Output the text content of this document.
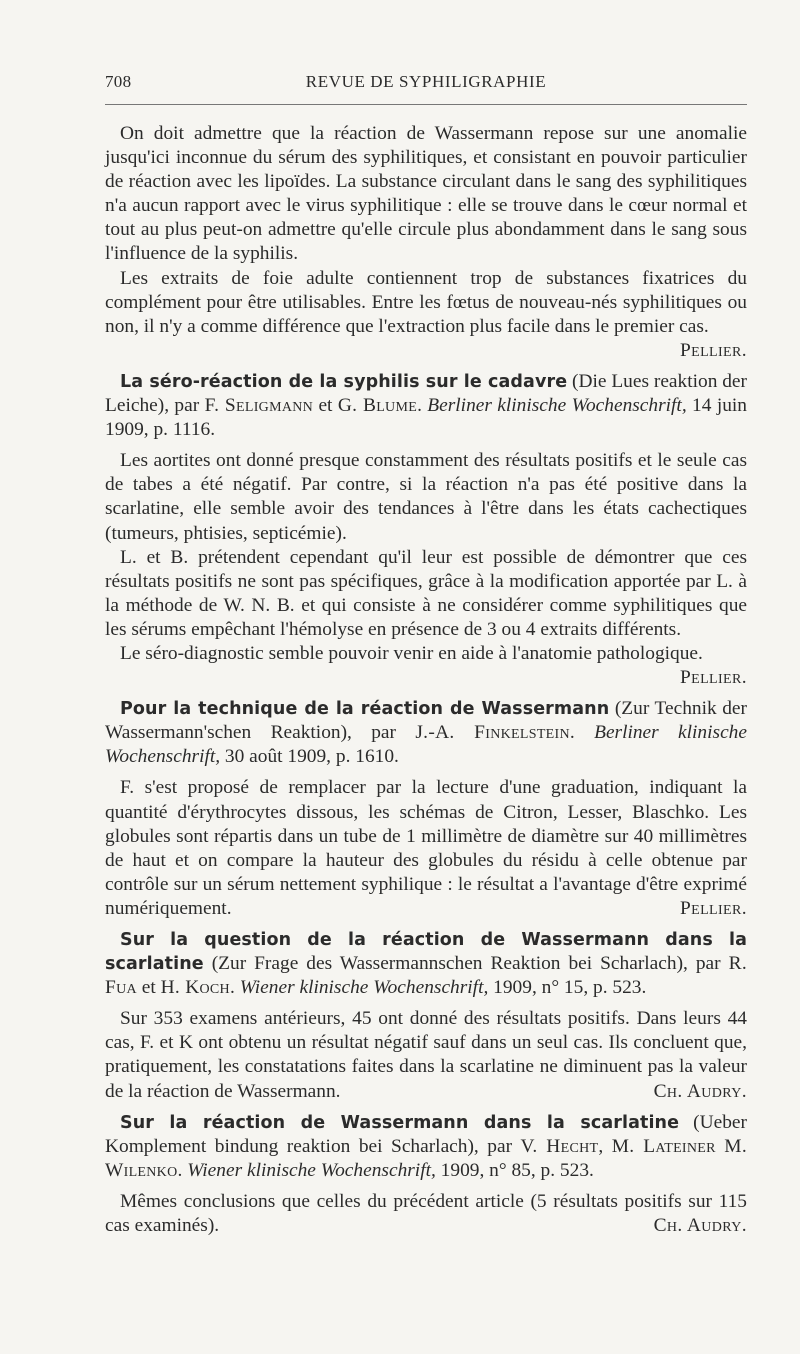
708	REVUE DE SYPHILIGRAPHIE

On doit admettre que la réaction de Wassermann repose sur une anomalie jusqu'ici inconnue du sérum des syphilitiques, et consistant en pouvoir particulier de réaction avec les lipoïdes. La substance circulant dans le sang des syphilitiques n'a aucun rapport avec le virus syphilitique : elle se trouve dans le cœur normal et tout au plus peut-on admettre qu'elle circule plus abondamment dans le sang sous l'influence de la syphilis.

Les extraits de foie adulte contiennent trop de substances fixatrices du complément pour être utilisables. Entre les fœtus de nouveau-nés syphilitiques ou non, il n'y a comme différence que l'extraction plus facile dans le premier cas.
Pellier.

La séro-réaction de la syphilis sur le cadavre (Die Lues reaktion der Leiche), par F. Seligmann et G. Blume. Berliner klinische Wochenschrift, 14 juin 1909, p. 1116.

Les aortites ont donné presque constamment des résultats positifs et le seule cas de tabes a été négatif. Par contre, si la réaction n'a pas été positive dans la scarlatine, elle semble avoir des tendances à l'être dans les états cachectiques (tumeurs, phtisies, septicémie).

L. et B. prétendent cependant qu'il leur est possible de démontrer que ces résultats positifs ne sont pas spécifiques, grâce à la modification apportée par L. à la méthode de W. N. B. et qui consiste à ne considérer comme syphilitiques que les sérums empêchant l'hémolyse en présence de 3 ou 4 extraits différents.

Le séro-diagnostic semble pouvoir venir en aide à l'anatomie pathologique.
Pellier.

Pour la technique de la réaction de Wassermann (Zur Technik der Wassermann'schen Reaktion), par J.-A. Finkelstein. Berliner klinische Wochenschrift, 30 août 1909, p. 1610.

F. s'est proposé de remplacer par la lecture d'une graduation, indiquant la quantité d'érythrocytes dissous, les schémas de Citron, Lesser, Blaschko. Les globules sont répartis dans un tube de 1 millimètre de diamètre sur 40 millimètres de haut et on compare la hauteur des globules du résidu à celle obtenue par contrôle sur un sérum nettement syphilique : le résultat a l'avantage d'être exprimé numériquement.	Pellier.

Sur la question de la réaction de Wassermann dans la scarlatine (Zur Frage des Wassermannschen Reaktion bei Scharlach), par R. Fua et H. Koch. Wiener klinische Wochenschrift, 1909, n° 15, p. 523.

Sur 353 examens antérieurs, 45 ont donné des résultats positifs. Dans leurs 44 cas, F. et K ont obtenu un résultat négatif sauf dans un seul cas. Ils concluent que, pratiquement, les constatations faites dans la scarlatine ne diminuent pas la valeur de la réaction de Wassermann.	Ch. Audry.

Sur la réaction de Wassermann dans la scarlatine (Ueber Komplement bindung reaktion bei Scharlach), par V. Hecht, M. Lateiner M. Wilenko. Wiener klinische Wochenschrift, 1909, n° 85, p. 523.

Mêmes conclusions que celles du précédent article (5 résultats positifs sur 115 cas examinés).	Ch. Audry.
